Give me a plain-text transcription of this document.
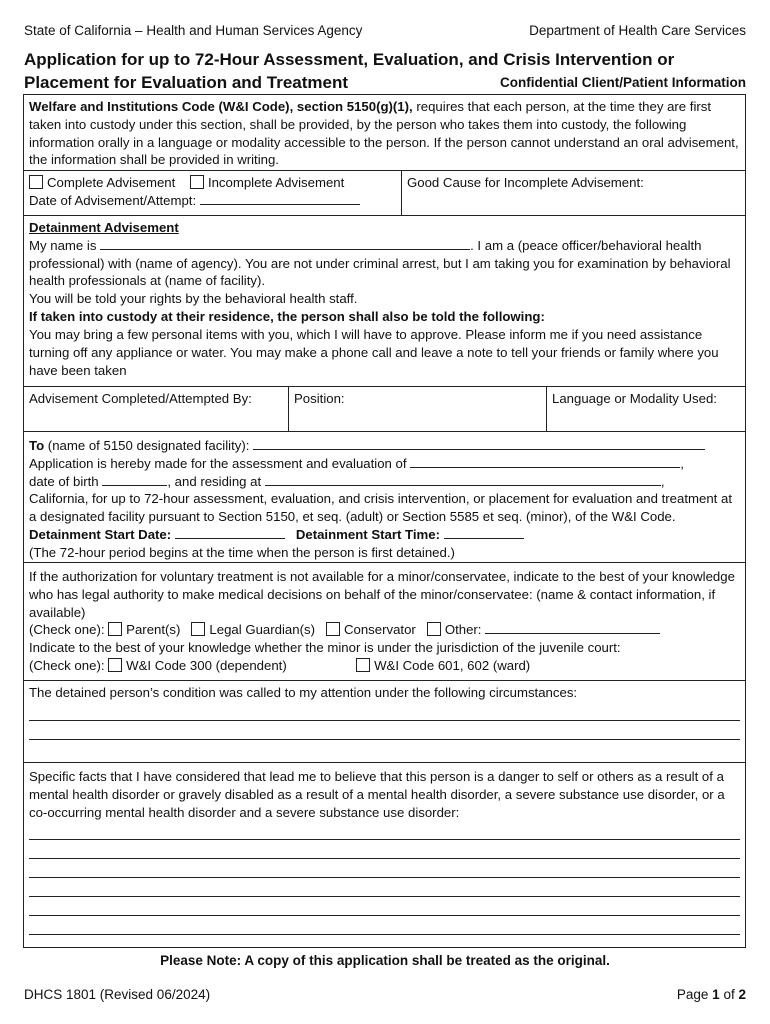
State of California – Health and Human Services Agency	Department of Health Care Services
Application for up to 72-Hour Assessment, Evaluation, and Crisis Intervention or
Placement for Evaluation and Treatment	Confidential Client/Patient Information
Welfare and Institutions Code (W&I Code), section 5150(g)(1), requires that each person, at the time they are first taken into custody under this section, shall be provided, by the person who takes them into custody, the following information orally in a language or modality accessible to the person. If the person cannot understand an oral advisement, the information shall be provided in writing.
Complete Advisement Incomplete Advisement
Date of Advisement/Attempt:
Good Cause for Incomplete Advisement:
Detainment Advisement
My name is	. I am a (peace officer/behavioral health professional) with (name of agency). You are not under criminal arrest, but I am taking you for examination by behavioral health professionals at (name of facility).
You will be told your rights by the behavioral health staff.
If taken into custody at their residence, the person shall also be told the following:
You may bring a few personal items with you, which I will have to approve. Please inform me if you need assistance turning off any appliance or water. You may make a phone call and leave a note to tell your friends or family where you have been taken
Advisement Completed/Attempted By:	Position:	Language or Modality Used:
To (name of 5150 designated facility):
Application is hereby made for the assessment and evaluation of	,
date of birth	, and residing at	,
California, for up to 72-hour assessment, evaluation, and crisis intervention, or placement for evaluation and treatment at a designated facility pursuant to Section 5150, et seq. (adult) or Section 5585 et seq. (minor), of the W&I Code. Detainment Start Date:	Detainment Start Time:
(The 72-hour period begins at the time when the person is first detained.)
If the authorization for voluntary treatment is not available for a minor/conservatee, indicate to the best of your knowledge who has legal authority to make medical decisions on behalf of the minor/conservatee: (name & contact information, if available)
(Check one): Parent(s) Legal Guardian(s) Conservator Other:
Indicate to the best of your knowledge whether the minor is under the jurisdiction of the juvenile court:
(Check one): W&I Code 300 (dependent)	W&I Code 601, 602 (ward)
The detained person’s condition was called to my attention under the following circumstances:
Specific facts that I have considered that lead me to believe that this person is a danger to self or others as a result of a mental health disorder or gravely disabled as a result of a mental health disorder, a severe substance use disorder, or a co-occurring mental health disorder and a severe substance use disorder:
Please Note: A copy of this application shall be treated as the original.
DHCS 1801 (Revised 06/2024)	Page 1 of 2
